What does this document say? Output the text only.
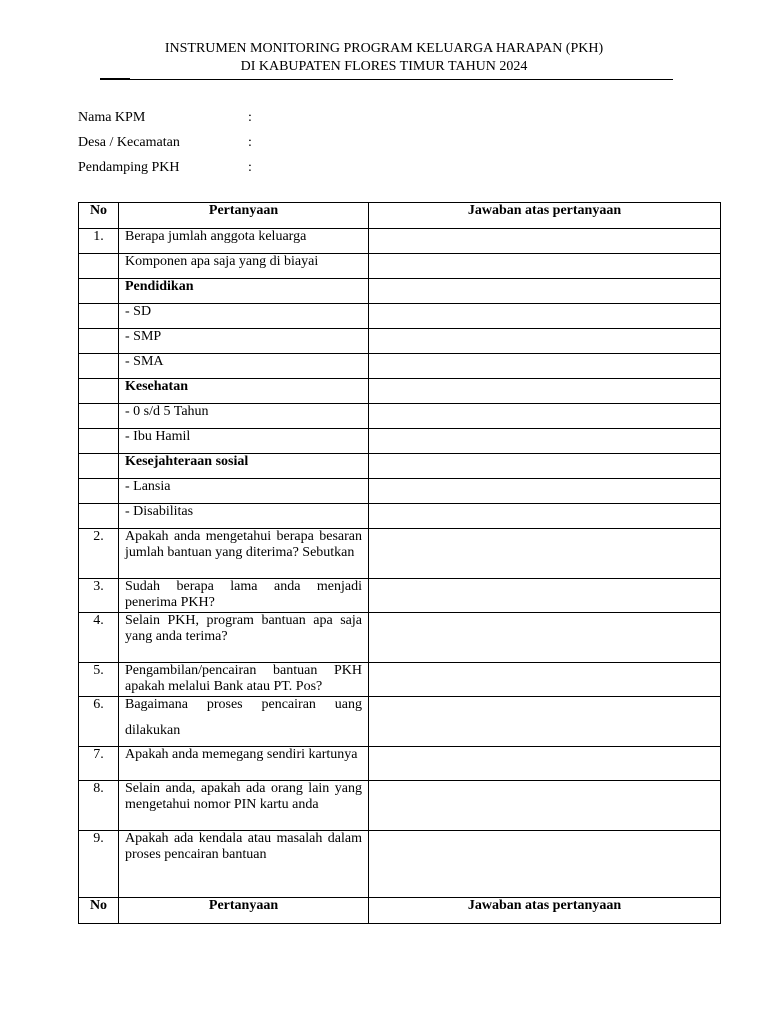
INSTRUMEN MONITORING PROGRAM KELUARGA HARAPAN (PKH)
DI KABUPATEN FLORES TIMUR TAHUN 2024
Nama KPM	:
Desa / Kecamatan	:
Pendamping PKH	:
No	Pertanyaan	Jawaban atas pertanyaan
1.	Berapa jumlah anggota keluarga	
	Komponen apa saja yang di biayai	
	Pendidikan	
	- SD	
	- SMP	
	- SMA	
	Kesehatan	
	- 0 s/d 5 Tahun	
	- Ibu Hamil	
	Kesejahteraan sosial	
	- Lansia	
	- Disabilitas	
2.	Apakah anda mengetahui berapa besaran jumlah bantuan yang diterima? Sebutkan	
3.	Sudah berapa lama anda menjadi penerima PKH?	
4.	Selain PKH, program bantuan apa saja yang anda terima?	
5.	Pengambilan/pencairan bantuan PKH apakah melalui Bank atau PT. Pos?	
6.	Bagaimana proses pencairan uang
dilakukan	

7.	Apakah anda memegang sendiri kartunya	
8.	Selain anda, apakah ada orang lain yang mengetahui nomor PIN kartu anda	
9.	Apakah ada kendala atau masalah dalam proses pencairan bantuan	
No	Pertanyaan	Jawaban atas pertanyaan
